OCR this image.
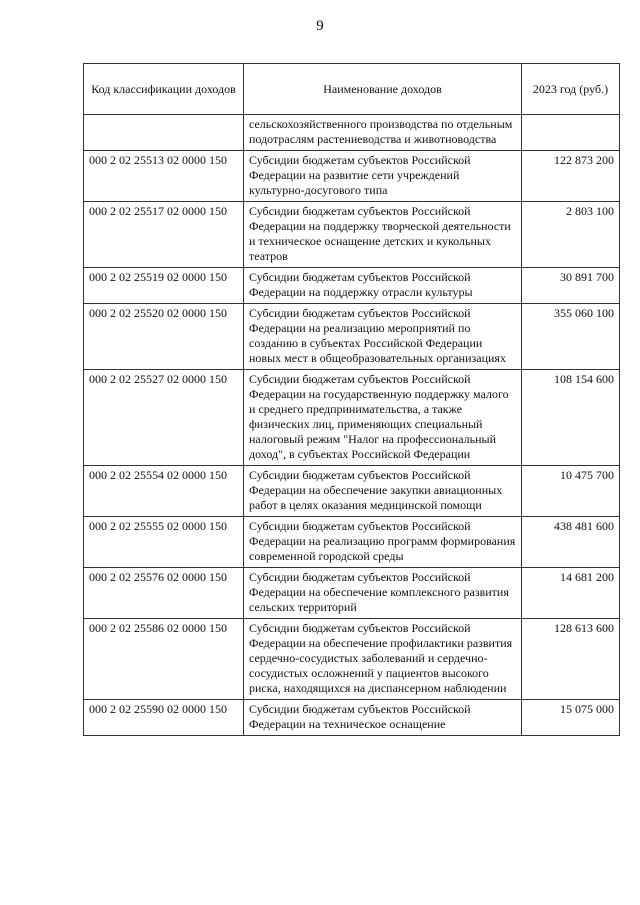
9
Код классификации доходов	Наименование доходов	2023 год (руб.)
	сельскохозяйственного производства по отдельным подотраслям растениеводства и животноводства	
000 2 02 25513 02 0000 150	Субсидии бюджетам субъектов Российской Федерации на развитие сети учреждений культурно-досугового типа	122 873 200
000 2 02 25517 02 0000 150	Субсидии бюджетам субъектов Российской Федерации на поддержку творческой деятельности и техническое оснащение детских и кукольных театров	2 803 100
000 2 02 25519 02 0000 150	Субсидии бюджетам субъектов Российской Федерации на поддержку отрасли культуры	30 891 700
000 2 02 25520 02 0000 150	Субсидии бюджетам субъектов Российской Федерации на реализацию мероприятий по созданию в субъектах Российской Федерации новых мест в общеобразовательных организациях	355 060 100
000 2 02 25527 02 0000 150	Субсидии бюджетам субъектов Российской Федерации на государственную поддержку малого и среднего предпринимательства, а также физических лиц, применяющих специальный налоговый режим "Налог на профессиональный доход", в субъектах Российской Федерации	108 154 600
000 2 02 25554 02 0000 150	Субсидии бюджетам субъектов Российской Федерации на обеспечение закупки авиационных работ в целях оказания медицинской помощи	10 475 700
000 2 02 25555 02 0000 150	Субсидии бюджетам субъектов Российской Федерации на реализацию программ формирования современной городской среды	438 481 600
000 2 02 25576 02 0000 150	Субсидии бюджетам субъектов Российской Федерации на обеспечение комплексного развития сельских территорий	14 681 200
000 2 02 25586 02 0000 150	Субсидии бюджетам субъектов Российской Федерации на обеспечение профилактики развития сердечно-сосудистых заболеваний и сердечно-сосудистых осложнений у пациентов высокого риска, находящихся на диспансерном наблюдении	128 613 600
000 2 02 25590 02 0000 150	Субсидии бюджетам субъектов Российской Федерации на техническое оснащение	15 075 000
